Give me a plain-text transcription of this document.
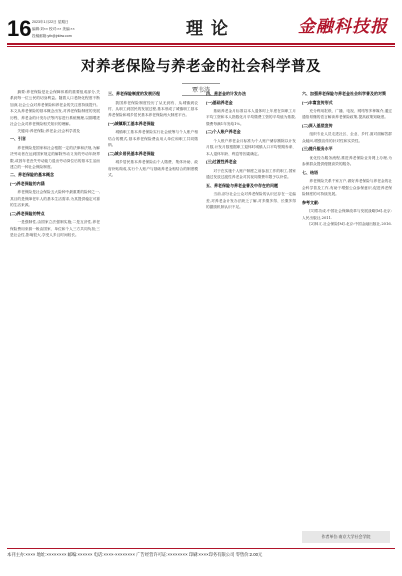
16 2023年1月22日 星期日
编辑:刘×× 校对:×× 美编:××
投稿邮箱:yth@jrkbw.com	理 论	金融科技报
对养老保险与养老金的社会科学普及
覃韦涛

摘要:养老保险是社会保障体系的重要组成部分,关系到每一位公民的切身利益。随着人口老龄化程度不断加深,社会公众对养老保险和养老金的关注度持续提升。本文从养老保险的基本概念出发,对养老保险制度的发展历程、养老金的计发办法等内容进行系统梳理,以期增进社会公众对养老保险相关知识的理解。

关键词:养老保险;养老金;社会科学普及

一、引言

养老保险是国家和社会根据一定的法律和法规,为解决劳动者在达到国家规定的解除劳动义务的劳动年龄界限,或因年老丧失劳动能力退出劳动岗位后的基本生活而建立的一种社会保险制度。

二、养老保险的基本概念
(一)养老保险的内涵

养老保险是社会保险五大险种中最重要的险种之一,其目的是保障老年人的基本生活需求,为其提供稳定可靠的生活来源。

(二)养老保险的特点

一是强制性,由国家立法强制实施;二是互济性,养老保险费用来源一般由国家、单位和个人三方共同负担;三是社会性,影响很大,享受人多且时间较长。

三、养老保险制度的发展历程

我国养老保险制度经历了从无到有、从城镇到农村、从职工到居民的发展过程,基本形成了城镇职工基本养老保险和城乡居民基本养老保险两大制度平台。

(一)城镇职工基本养老保险

城镇职工基本养老保险实行社会统筹与个人账户相结合的模式,基本养老保险费由用人单位和职工共同缴纳。

(二)城乡居民基本养老保险

城乡居民基本养老保险由个人缴费、集体补助、政府补贴构成,实行个人账户与基础养老金相结合的制度模式。

四、养老金的计发办法
(一)基础养老金

基础养老金月标准以本人退休时上年度在岗职工月平均工资和本人指数化月平均缴费工资的平均值为基数,缴费每满1年发给1%。

(二)个人账户养老金

个人账户养老金月标准为个人账户储存额除以计发月数,计发月数根据职工退休时城镇人口平均预期寿命、本人退休年龄、利息等因素确定。

(三)过渡性养老金

对于在实施个人账户制度之前参加工作的职工,国家通过发放过渡性养老金对其视同缴费年限予以补偿。

五、养老保险与养老金普及中存在的问题

当前,部分社会公众对养老保险的认识还存在一定偏差,对养老金计发办法缺乏了解,对多缴多得、长缴多得的激励机制认识不足。

六、加强养老保险与养老金社会科学普及的对策
(一)丰富宣传形式

充分利用报纸、广播、电视、网络等多种媒介,通过通俗易懂的语言解读养老保险政策,提高政策知晓度。

(二)深入基层宣传

组织专业人员走进社区、企业、乡村,面对面解答群众疑问,增强宣传的针对性和实效性。

(三)提升服务水平

优化经办服务流程,推进养老保险业务网上办理,为参保群众提供便捷高效的服务。

七、结语

养老保险关系千家万户,做好养老保险与养老金的社会科学普及工作,有助于增强公众参保意识,促进养老保险制度的可持续发展。

参考文献:

[1]郑功成.中国社会保障改革与发展战略[M].北京:人民出版社,2011.

[2]林义.社会保险[M].北京:中国金融出版社,2016.

作者单位:南京大学社会学院
本刊主办:×××× 地址:×××××××× 邮编:×××××× 电话:××××-×××××××× 广告经营许可证:×××××××× 印刷:××××印务有限公司 零售价:2.00元
